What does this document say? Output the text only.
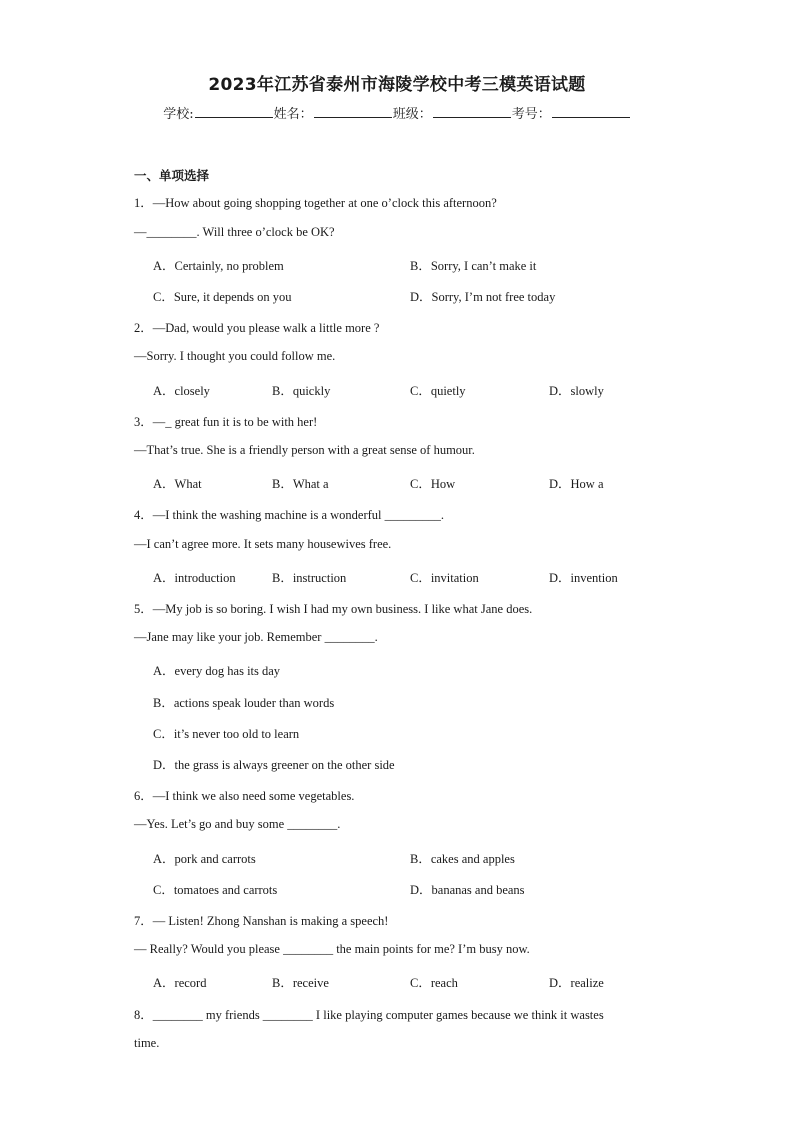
2023年江苏省泰州市海陵学校中考三模英语试题
学校:	姓名：	班级：	考号：
一、单项选择
1．—How about going shopping together at one o’clock this afternoon?
—________. Will three o’clock be OK?
A．Certainly, no problem	B．Sorry, I can’t make it
C．Sure, it depends on you	D．Sorry, I’m not free today
2．—Dad, would you please walk a little more ?
—Sorry. I thought you could follow me.
A．closely	B．quickly	C．quietly	D．slowly
3．—_ great fun it is to be with her!
—That’s true. She is a friendly person with a great sense of humour.
A．What	B．What a	C．How	D．How a
4．—I think the washing machine is a wonderful _________.
—I can’t agree more. It sets many housewives free.
A．introduction	B．instruction	C．invitation	D．invention
5．—My job is so boring. I wish I had my own business. I like what Jane does.
—Jane may like your job. Remember ________.
A．every dog has its day
B．actions speak louder than words
C．it’s never too old to learn
D．the grass is always greener on the other side
6．—I think we also need some vegetables.
—Yes. Let’s go and buy some ________.
A．pork and carrots	B．cakes and apples
C．tomatoes and carrots	D．bananas and beans
7．— Listen! Zhong Nanshan is making a speech!
— Really? Would you please ________ the main points for me? I’m busy now.
A．record	B．receive	C．reach	D．realize
8．________ my friends ________ I like playing computer games because we think it wastes
time.
